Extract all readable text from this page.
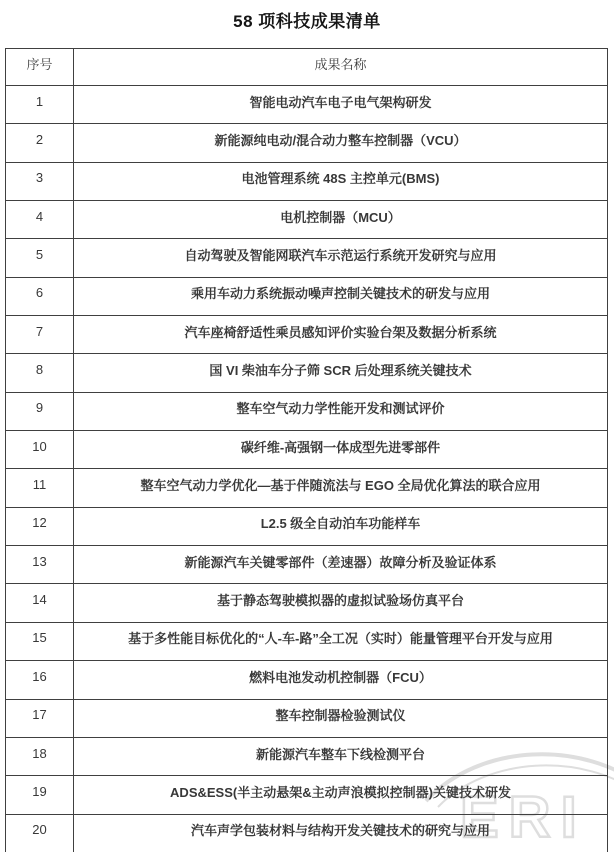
58 项科技成果清单
ERI
序号	成果名称
1	智能电动汽车电子电气架构研发
2	新能源纯电动/混合动力整车控制器（VCU）
3	电池管理系统 48S 主控单元(BMS)
4	电机控制器（MCU）
5	自动驾驶及智能网联汽车示范运行系统开发研究与应用
6	乘用车动力系统振动噪声控制关键技术的研发与应用
7	汽车座椅舒适性乘员感知评价实验台架及数据分析系统
8	国 VI 柴油车分子筛 SCR 后处理系统关键技术
9	整车空气动力学性能开发和测试评价
10	碳纤维-高强钢一体成型先进零部件
11	整车空气动力学优化—基于伴随流法与 EGO 全局优化算法的联合应用
12	L2.5 级全自动泊车功能样车
13	新能源汽车关键零部件（差速器）故障分析及验证体系
14	基于静态驾驶模拟器的虚拟试验场仿真平台
15	基于多性能目标优化的“人-车-路”全工况（实时）能量管理平台开发与应用
16	燃料电池发动机控制器（FCU）
17	整车控制器检验测试仪
18	新能源汽车整车下线检测平台
19	ADS&ESS(半主动悬架&主动声浪模拟控制器)关键技术研发
20	汽车声学包装材料与结构开发关键技术的研究与应用
